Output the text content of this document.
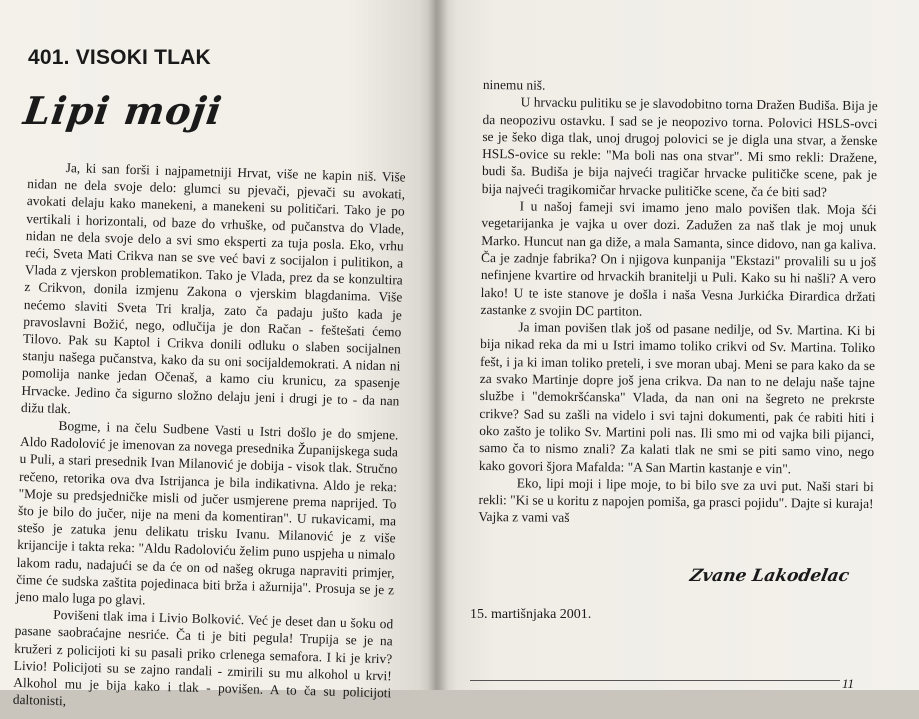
401. VISOKI TLAK
Lipi moji

Ja, ki san forši i najpametniji Hrvat, više ne kapin niš. Više nidan ne dela svoje delo: glumci su pjevači, pjevači su avokati, avokati delaju kako manekeni, a manekeni su političari. Tako je po vertikali i horizontali, od baze do vrhuške, od pučanstva do Vlade, nidan ne dela svoje delo a svi smo eksperti za tuja posla. Eko, vrhu reći, Sveta Mati Crikva nan se sve već bavi z socijalon i pulitikon, a Vlada z vjerskon problematikon. Tako je Vlada, prez da se konzultira z Crikvon, donila izmjenu Zakona o vjerskim blagdanima. Više nećemo slaviti Sveta Tri kralja, zato ča padaju jušto kada je pravoslavni Božić, nego, odlučija je don Račan - feštešati ćemo Tilovo. Pak su Kaptol i Crikva donili odluku o slaben socijalnen stanju našega pučanstva, kako da su oni socijaldemokrati. A nidan ni pomolija nanke jedan Očenaš, a kamo ciu krunicu, za spasenje Hrvacke. Jedino ča sigurno složno delaju jeni i drugi je to - da nan dižu tlak.

Bogme, i na čelu Sudbene Vasti u Istri došlo je do smjene. Aldo Radolović je imenovan za novega presednika Županijskega suda u Puli, a stari presednik Ivan Milanović je dobija - visok tlak. Stručno rečeno, retorika ova dva Istrijanca je bila indikativna. Aldo je reka: "Moje su predsjedničke misli od jučer usmjerene prema naprijed. To što je bilo do jučer, nije na meni da komentiran". U rukavicami, ma stešo je zatuka jenu delikatu trisku Ivanu. Milanović je z više krijancije i takta reka: "Aldu Radoloviću želim puno uspjeha u nimalo lakom radu, nadajući se da će on od našeg okruga napraviti primjer, čime će sudska zaštita pojedinaca biti brža i ažurnija". Prosuja se je z jeno malo luga po glavi.

Povišeni tlak ima i Livio Bolković. Već je deset dan u šoku od pasane saobraćajne nesriće. Ča ti je biti pegula! Trupija se je na kružeri z policijoti ki su pasali priko crlenega semafora. I ki je kriv? Livio! Policijoti su se zajno randali - zmirili su mu alkohol u krvi! Alkohol mu je bija kako i tlak - povišen. A to ča su policijoti daltonisti,

ninemu niš.

U hrvacku pulitiku se je slavodobitno torna Dražen Budiša. Bija je da neopozivu ostavku. I sad se je neopozivo torna. Polovici HSLS-ovci se je šeko diga tlak, unoj drugoj polovici se je digla una stvar, a ženske HSLS-ovice su rekle: "Ma boli nas ona stvar". Mi smo rekli: Draženе, budi ša. Budiša je bija najveći tragičar hrvacke pulitičke scene, pak je bija najveći tragikomičar hrvacke pulitičke scene, ča će biti sad?

I u našoj fameji svi imamo jeno malo povišen tlak. Moja šći vegetarijanka je vajka u over dozi. Zadužen za naš tlak je moj unuk Marko. Huncut nan ga diže, a mala Samanta, since didovo, nan ga kaliva. Ča je zadnje fabrika? On i njigova kunpanija "Ekstazi" provalili su u još nefinjene kvartire od hrvackih branitelji u Puli. Kako su hi našli? A vero lako! U te iste stanove je došla i naša Vesna Jurkićka Đirardica držati zastanke z svojin DC partiton.

Ja iman povišen tlak još od pasane nedilje, od Sv. Martina. Ki bi bija nikad reka da mi u Istri imamo toliko crikvi od Sv. Martina. Toliko fešt, i ja ki iman toliko preteli, i sve moran ubaj. Meni se para kako da se za svako Martinje dopre još jena crikva. Da nan to ne delaju naše tajne službe i "demokršćanska" Vlada, da nan oni na šegreto ne prekrste crikve? Sad su zašli na videlo i svi tajni dokumenti, pak će rabiti hiti i oko zašto je toliko Sv. Martini poli nas. Ili smo mi od vajka bili pijanci, samo ča to nismo znali? Za kalati tlak ne smi se piti samo vino, nego kako govori šjora Mafalda: "A San Martin kastanje e vin".

Eko, lipi moji i lipe moje, to bi bilo sve za uvi put. Naši stari bi rekli: "Ki se u koritu z napojen pomiša, ga prasci pojidu". Dajte si kuraja! Vajka z vami vaš

Zvane Lakodelac
15. martišnjaka 2001.
11
